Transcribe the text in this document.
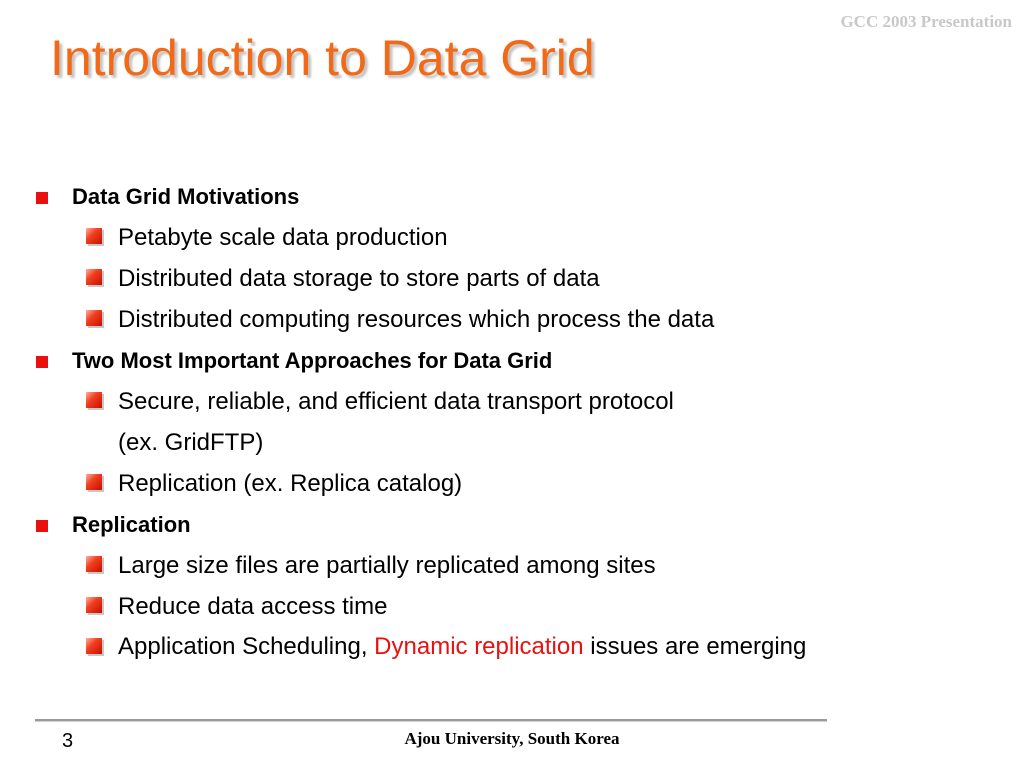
GCC 2003 Presentation
Introduction to Data Grid
Data Grid Motivations
Petabyte scale data production
Distributed data storage to store parts of data
Distributed computing resources which process the data
Two Most Important Approaches for Data Grid
Secure, reliable, and efficient data transport protocol
(ex. GridFTP)
Replication (ex. Replica catalog)
Replication
Large size files are partially replicated among sites
Reduce data access time
Application Scheduling, Dynamic replication issues are emerging
3	Ajou University, South Korea
